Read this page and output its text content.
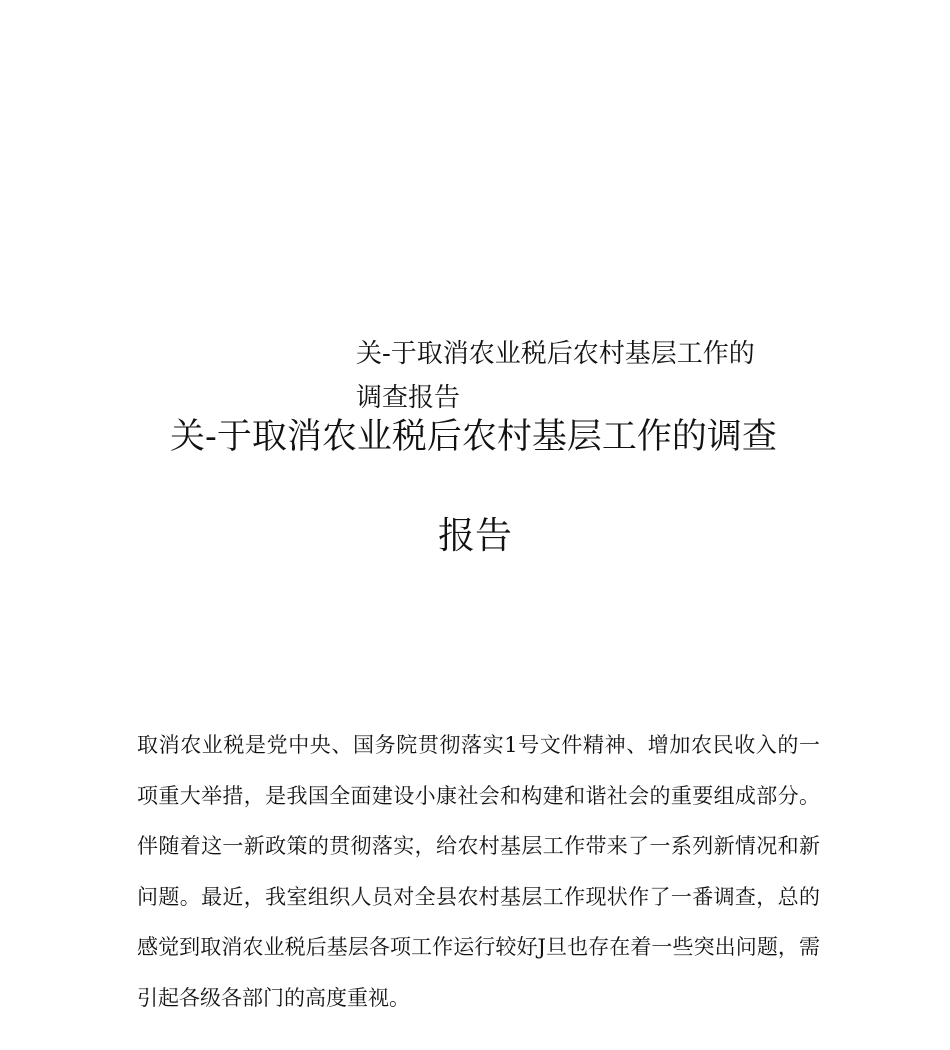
关-于取消农业税后农村基层工作的
调查报告
关-于取消农业税后农村基层工作的调查
报告

取消农业税是党中央、国务院贯彻落实1号文件精神、增加农民收入的一项重大举措，是我国全面建设小康社会和构建和谐社会的重要组成部分。伴随着这一新政策的贯彻落实，给农村基层工作带来了一系列新情况和新问题。最近，我室组织人员对全县农村基层工作现状作了一番调查，总的感觉到取消农业税后基层各项工作运行较好J旦也存在着一些突出问题，需引起各级各部门的高度重视。
